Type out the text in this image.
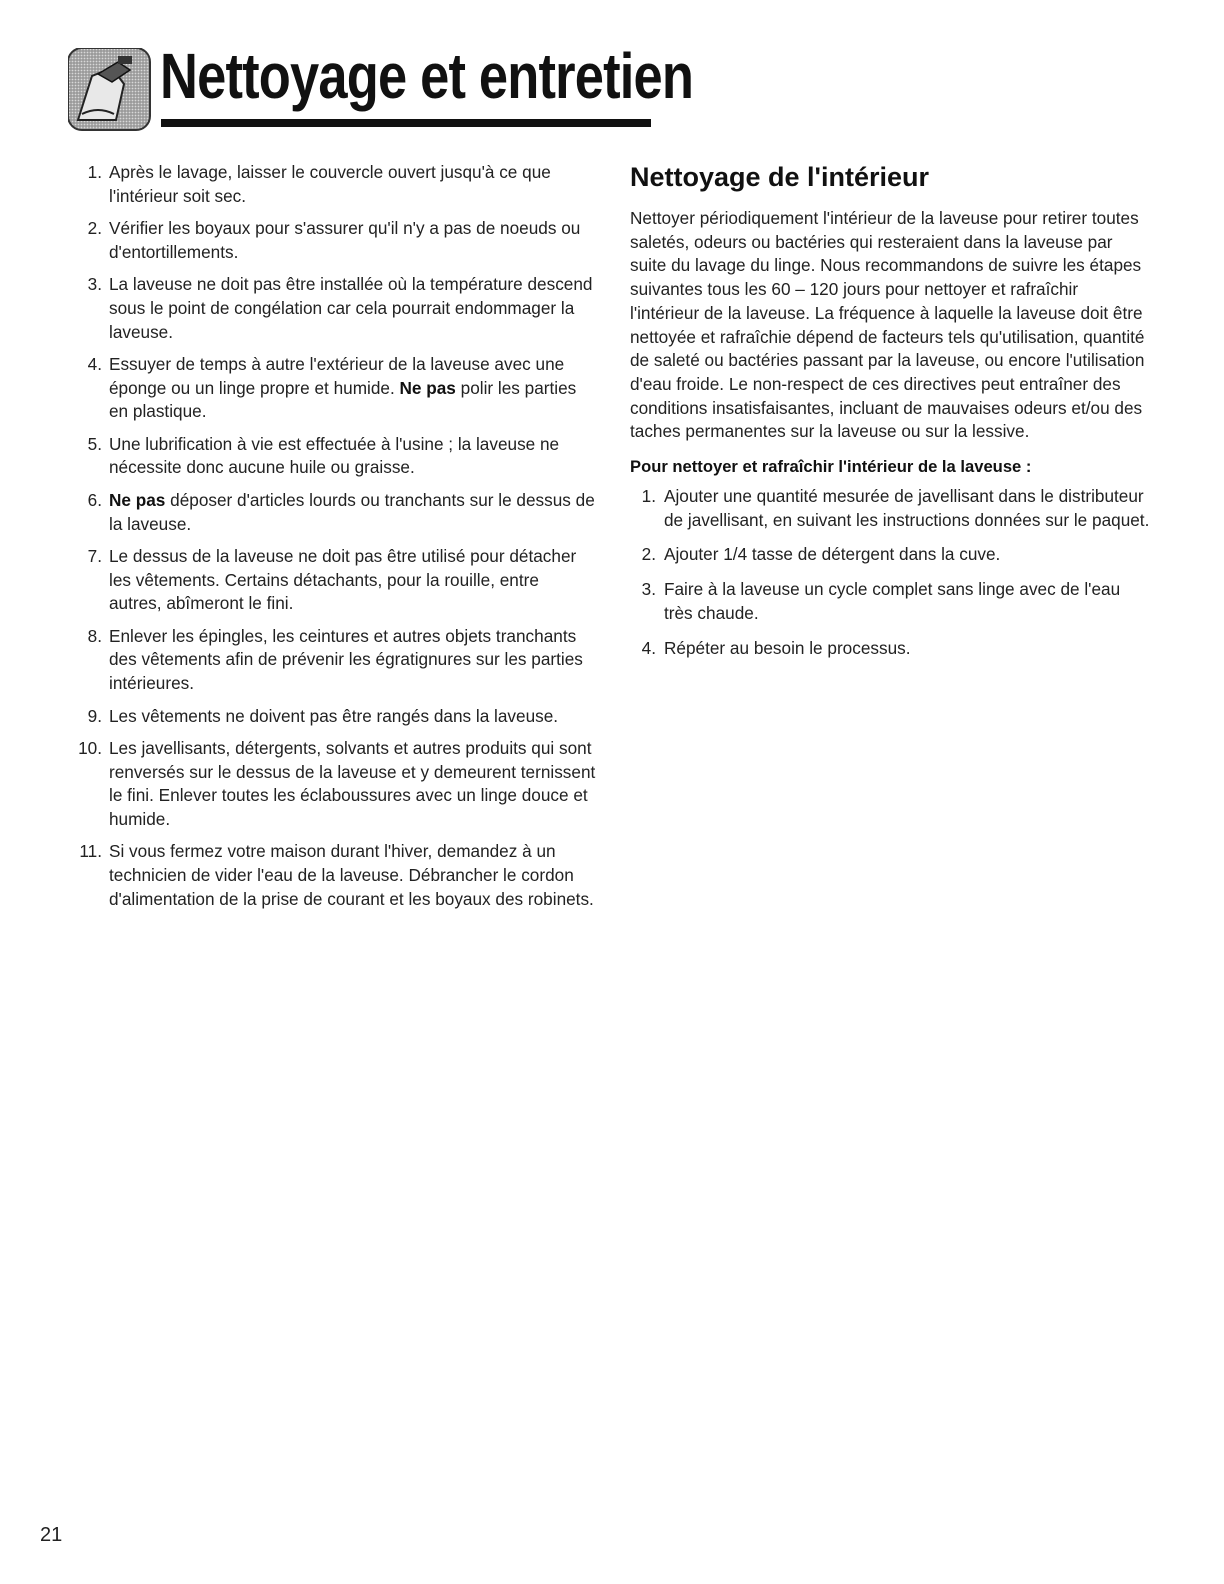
Nettoyage et entretien
1. Après le lavage, laisser le couvercle ouvert jusqu'à ce que l'intérieur soit sec.
2. Vérifier les boyaux pour s'assurer qu'il n'y a pas de noeuds ou d'entortillements.
3. La laveuse ne doit pas être installée où la température descend sous le point de congélation car cela pourrait endommager la laveuse.
4. Essuyer de temps à autre l'extérieur de la laveuse avec une éponge ou un linge propre et humide. Ne pas polir les parties en plastique.
5. Une lubrification à vie est effectuée à l'usine ; la laveuse ne nécessite donc aucune huile ou graisse.
6. Ne pas déposer d'articles lourds ou tranchants sur le dessus de la laveuse.
7. Le dessus de la laveuse ne doit pas être utilisé pour détacher les vêtements. Certains détachants, pour la rouille, entre autres, abîmeront le fini.
8. Enlever les épingles, les ceintures et autres objets tranchants des vêtements afin de prévenir les égratignures sur les parties intérieures.
9. Les vêtements ne doivent pas être rangés dans la laveuse.
10. Les javellisants, détergents, solvants et autres produits qui sont renversés sur le dessus de la laveuse et y demeurent ternissent le fini. Enlever toutes les éclaboussures avec un linge douce et humide.
11. Si vous fermez votre maison durant l'hiver, demandez à un technicien de vider l'eau de la laveuse. Débrancher le cordon d'alimentation de la prise de courant et les boyaux des robinets.
Nettoyage de l'intérieur

Nettoyer périodiquement l'intérieur de la laveuse pour retirer toutes saletés, odeurs ou bactéries qui resteraient dans la laveuse par suite du lavage du linge. Nous recommandons de suivre les étapes suivantes tous les 60 – 120 jours pour nettoyer et rafraîchir l'intérieur de la laveuse. La fréquence à laquelle la laveuse doit être nettoyée et rafraîchie dépend de facteurs tels qu'utilisation, quantité de saleté ou bactéries passant par la laveuse, ou encore l'utilisation d'eau froide. Le non-respect de ces directives peut entraîner des conditions insatisfaisantes, incluant de mauvaises odeurs et/ou des taches permanentes sur la laveuse ou sur la lessive.

Pour nettoyer et rafraîchir l'intérieur de la laveuse :

1. Ajouter une quantité mesurée de javellisant dans le distributeur de javellisant, en suivant les instructions données sur le paquet.
2. Ajouter 1/4 tasse de détergent dans la cuve.
3. Faire à la laveuse un cycle complet sans linge avec de l'eau très chaude.
4. Répéter au besoin le processus.
21
